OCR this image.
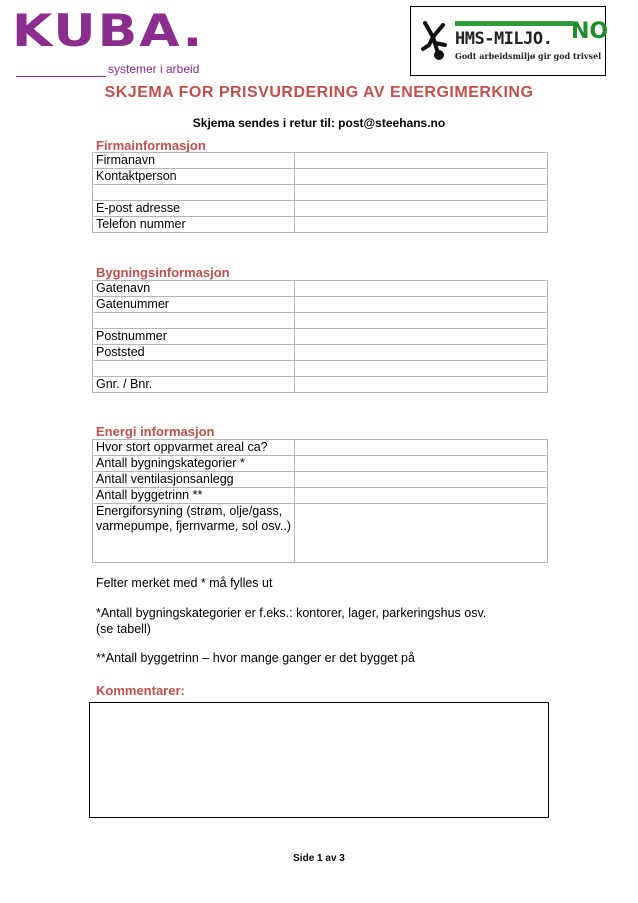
KUBA.
systemer i arbeid
HMS-MILJO. NO
Godt arbeidsmiljø gir god trivsel
SKJEMA FOR PRISVURDERING AV ENERGIMERKING
Skjema sendes i retur til: post@steehans.no
Firmainformasjon
Firmanavn	
Kontaktperson	

E-post adresse	
Telefon nummer	
Bygningsinformasjon
Gatenavn	
Gatenummer	

Postnummer	
Poststed	

Gnr. / Bnr.	
Energi informasjon
Hvor stort oppvarmet areal ca?	
Antall bygningskategorier *	
Antall ventilasjonsanlegg	
Antall byggetrinn **	
Energiforsyning (strøm, olje/gass, varmepumpe, fjernvarme, sol osv..)	
Felter merket med * må fylles ut
*Antall bygningskategorier er f.eks.: kontorer, lager, parkeringshus osv.
(se tabell)
**Antall byggetrinn – hvor mange ganger er det bygget på
Kommentarer:
Side 1 av 3
